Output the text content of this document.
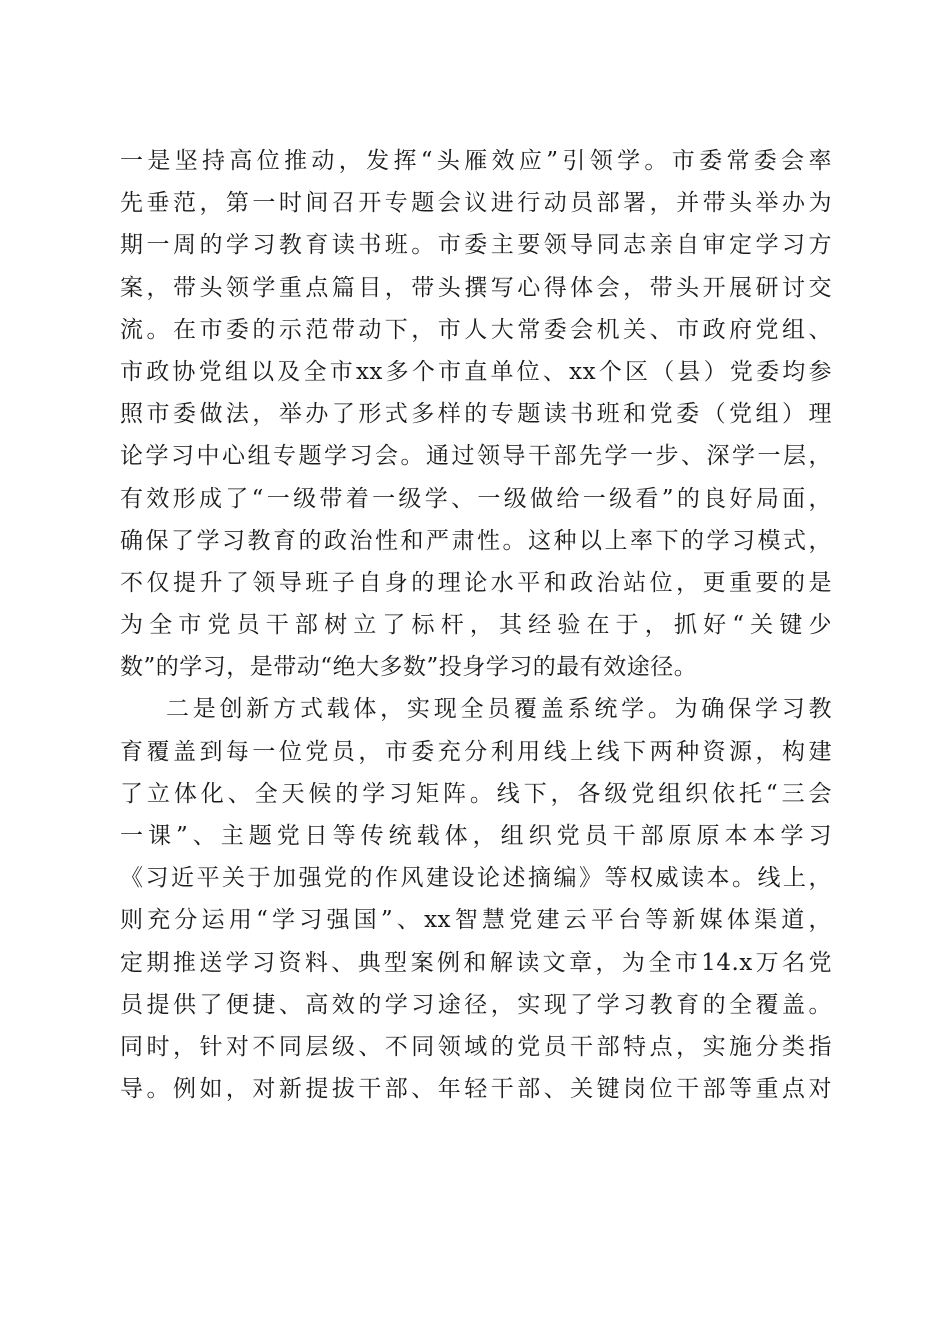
一是坚持高位推动，发挥“头雁效应”引领学。市委常委会率
先垂范，第一时间召开专题会议进行动员部署，并带头举办为
期一周的学习教育读书班。市委主要领导同志亲自审定学习方
案，带头领学重点篇目，带头撰写心得体会，带头开展研讨交
流。在市委的示范带动下，市人大常委会机关、市政府党组、
市政协党组以及全市xx多个市直单位、xx个区（县）党委均参
照市委做法，举办了形式多样的专题读书班和党委（党组）理
论学习中心组专题学习会。通过领导干部先学一步、深学一层，
有效形成了“一级带着一级学、一级做给一级看”的良好局面，
确保了学习教育的政治性和严肃性。这种以上率下的学习模式，
不仅提升了领导班子自身的理论水平和政治站位，更重要的是
为全市党员干部树立了标杆，其经验在于，抓好“关键少
数”的学习，是带动“绝大多数”投身学习的最有效途径。
二是创新方式载体，实现全员覆盖系统学。为确保学习教
育覆盖到每一位党员，市委充分利用线上线下两种资源，构建
了立体化、全天候的学习矩阵。线下，各级党组织依托“三会
一课”、主题党日等传统载体，组织党员干部原原本本学习
《习近平关于加强党的作风建设论述摘编》等权威读本。线上，
则充分运用“学习强国”、xx智慧党建云平台等新媒体渠道，
定期推送学习资料、典型案例和解读文章，为全市14.x万名党
员提供了便捷、高效的学习途径，实现了学习教育的全覆盖。
同时，针对不同层级、不同领域的党员干部特点，实施分类指
导。例如，对新提拔干部、年轻干部、关键岗位干部等重点对
